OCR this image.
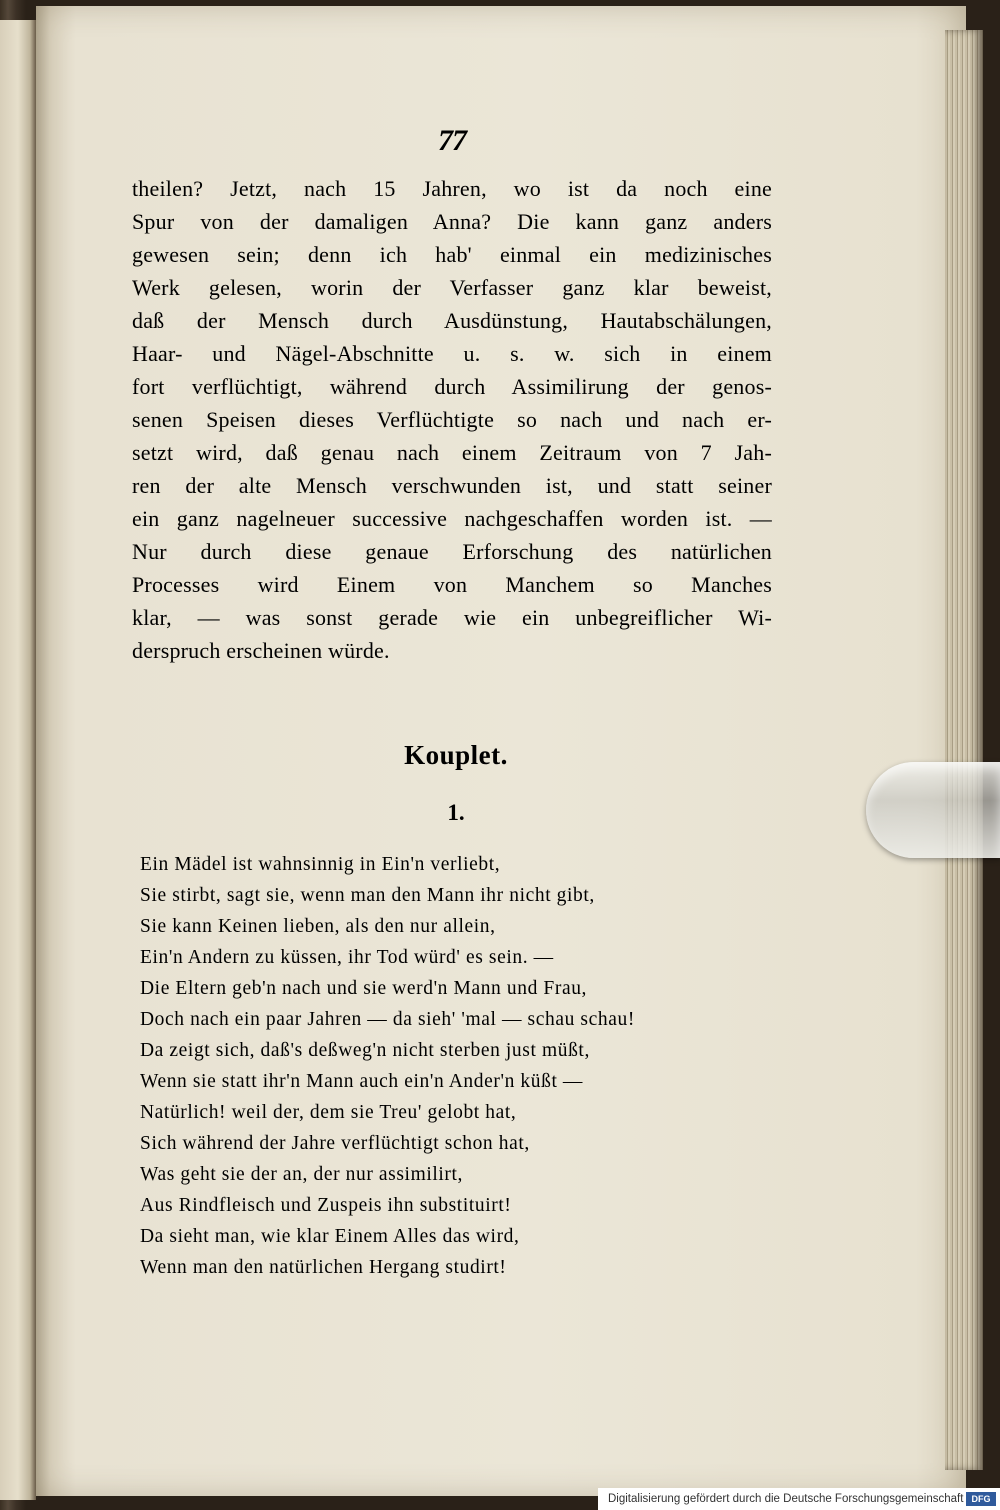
77
theilen? Jetzt, nach 15 Jahren, wo ist da noch eine
Spur von der damaligen Anna? Die kann ganz anders
gewesen sein; denn ich hab' einmal ein medizinisches
Werk gelesen, worin der Verfasser ganz klar beweist,
daß der Mensch durch Ausdünstung, Hautabschälungen,
Haar- und Nägel-Abschnitte u. s. w. sich in einem
fort verflüchtigt, während durch Assimilirung der genos-
senen Speisen dieses Verflüchtigte so nach und nach er-
setzt wird, daß genau nach einem Zeitraum von 7 Jah-
ren der alte Mensch verschwunden ist, und statt seiner
ein ganz nagelneuer successive nachgeschaffen worden ist. —
Nur durch diese genaue Erforschung des natürlichen
Processes wird Einem von Manchem so Manches
klar, — was sonst gerade wie ein unbegreiflicher Wi-
derspruch erscheinen würde.
Kouplet.
1.
Ein Mädel ist wahnsinnig in Ein'n verliebt,
Sie stirbt, sagt sie, wenn man den Mann ihr nicht gibt,
Sie kann Keinen lieben, als den nur allein,
Ein'n Andern zu küssen, ihr Tod würd' es sein. —
Die Eltern geb'n nach und sie werd'n Mann und Frau,
Doch nach ein paar Jahren — da sieh' 'mal — schau schau!
Da zeigt sich, daß's deßweg'n nicht sterben just müßt,
Wenn sie statt ihr'n Mann auch ein'n Ander'n küßt —
Natürlich! weil der, dem sie Treu' gelobt hat,
Sich während der Jahre verflüchtigt schon hat,
Was geht sie der an, der nur assimilirt,
Aus Rindfleisch und Zuspeis ihn substituirt!
Da sieht man, wie klar Einem Alles das wird,
Wenn man den natürlichen Hergang studirt!
Digitalisierung gefördert durch die Deutsche Forschungsgemeinschaft DFG
